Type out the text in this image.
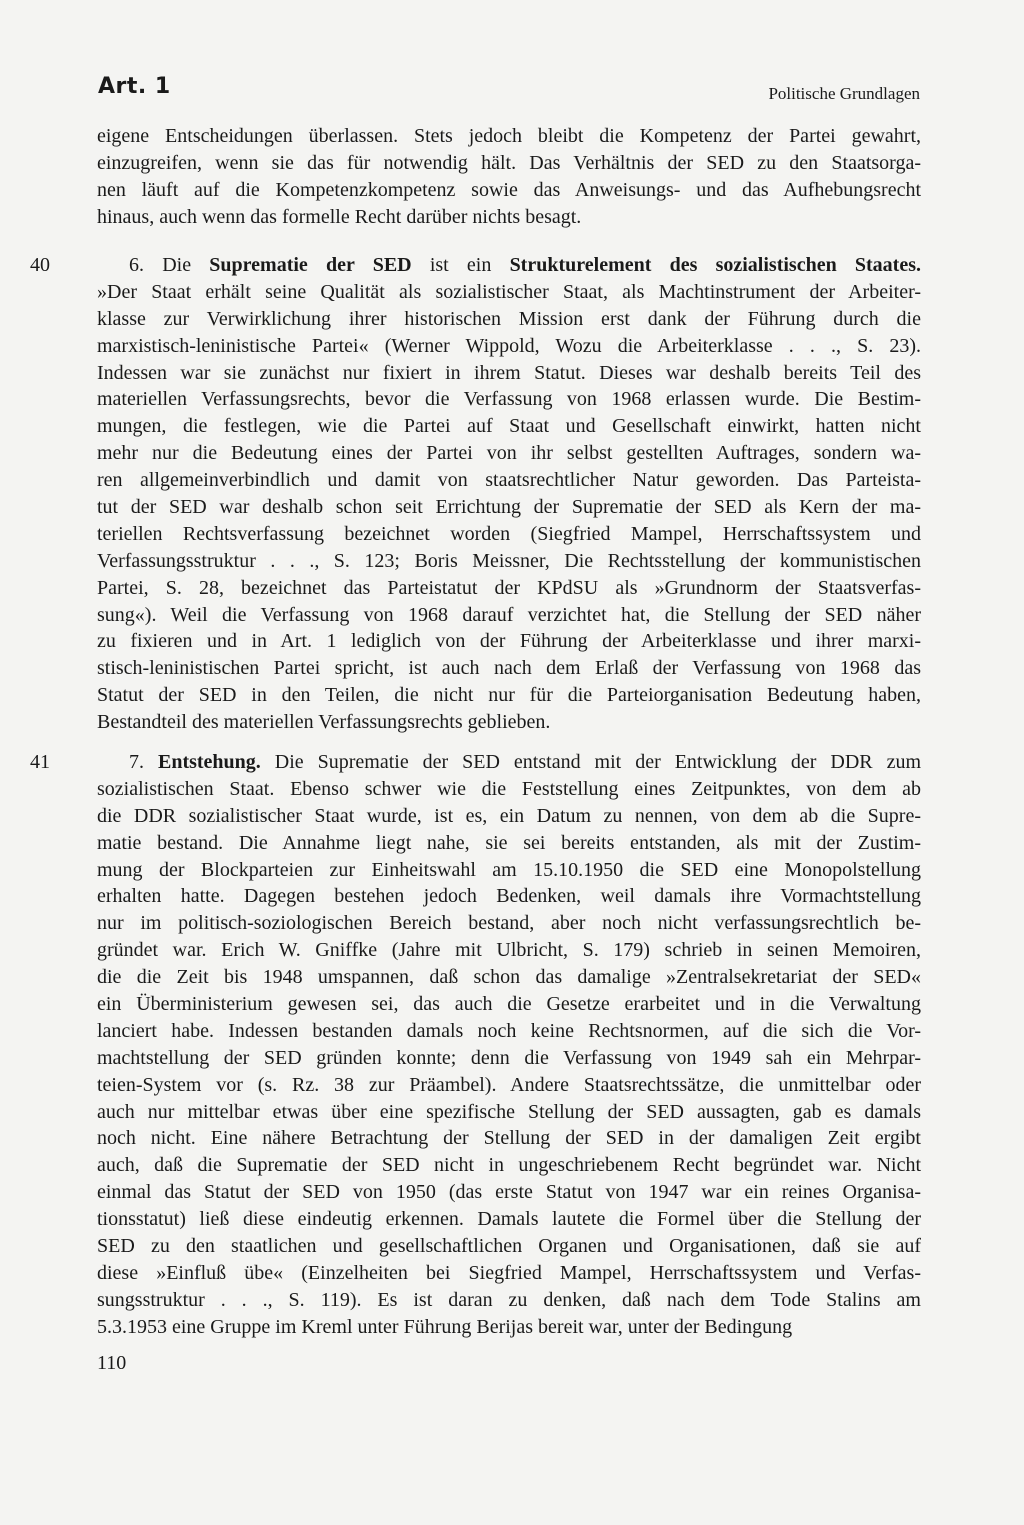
Art. 1	Politische Grundlagen
eigene Entscheidungen überlassen. Stets jedoch bleibt die Kompetenz der Partei gewahrt,
einzugreifen, wenn sie das für notwendig hält. Das Verhältnis der SED zu den Staatsorga-
nen läuft auf die Kompetenzkompetenz sowie das Anweisungs- und das Aufhebungsrecht
hinaus, auch wenn das formelle Recht darüber nichts besagt.
40	6. Die Suprematie der SED ist ein Strukturelement des sozialistischen Staates.
»Der Staat erhält seine Qualität als sozialistischer Staat, als Machtinstrument der Arbeiter-
klasse zur Verwirklichung ihrer historischen Mission erst dank der Führung durch die
marxistisch-leninistische Partei« (Werner Wippold, Wozu die Arbeiterklasse . . ., S. 23).
Indessen war sie zunächst nur fixiert in ihrem Statut. Dieses war deshalb bereits Teil des
materiellen Verfassungsrechts, bevor die Verfassung von 1968 erlassen wurde. Die Bestim-
mungen, die festlegen, wie die Partei auf Staat und Gesellschaft einwirkt, hatten nicht
mehr nur die Bedeutung eines der Partei von ihr selbst gestellten Auftrages, sondern wa-
ren allgemeinverbindlich und damit von staatsrechtlicher Natur geworden. Das Parteista-
tut der SED war deshalb schon seit Errichtung der Suprematie der SED als Kern der ma-
teriellen Rechtsverfassung bezeichnet worden (Siegfried Mampel, Herrschaftssystem und
Verfassungsstruktur . . ., S. 123; Boris Meissner, Die Rechtsstellung der kommunistischen
Partei, S. 28, bezeichnet das Parteistatut der KPdSU als »Grundnorm der Staatsverfas-
sung«). Weil die Verfassung von 1968 darauf verzichtet hat, die Stellung der SED näher
zu fixieren und in Art. 1 lediglich von der Führung der Arbeiterklasse und ihrer marxi-
stisch-leninistischen Partei spricht, ist auch nach dem Erlaß der Verfassung von 1968 das
Statut der SED in den Teilen, die nicht nur für die Parteiorganisation Bedeutung haben,
Bestandteil des materiellen Verfassungsrechts geblieben.
41	7. Entstehung. Die Suprematie der SED entstand mit der Entwicklung der DDR zum
sozialistischen Staat. Ebenso schwer wie die Feststellung eines Zeitpunktes, von dem ab
die DDR sozialistischer Staat wurde, ist es, ein Datum zu nennen, von dem ab die Supre-
matie bestand. Die Annahme liegt nahe, sie sei bereits entstanden, als mit der Zustim-
mung der Blockparteien zur Einheitswahl am 15.10.1950 die SED eine Monopolstellung
erhalten hatte. Dagegen bestehen jedoch Bedenken, weil damals ihre Vormachtstellung
nur im politisch-soziologischen Bereich bestand, aber noch nicht verfassungsrechtlich be-
gründet war. Erich W. Gniffke (Jahre mit Ulbricht, S. 179) schrieb in seinen Memoiren,
die die Zeit bis 1948 umspannen, daß schon das damalige »Zentralsekretariat der SED«
ein Überministerium gewesen sei, das auch die Gesetze erarbeitet und in die Verwaltung
lanciert habe. Indessen bestanden damals noch keine Rechtsnormen, auf die sich die Vor-
machtstellung der SED gründen konnte; denn die Verfassung von 1949 sah ein Mehrpar-
teien-System vor (s. Rz. 38 zur Präambel). Andere Staatsrechtssätze, die unmittelbar oder
auch nur mittelbar etwas über eine spezifische Stellung der SED aussagten, gab es damals
noch nicht. Eine nähere Betrachtung der Stellung der SED in der damaligen Zeit ergibt
auch, daß die Suprematie der SED nicht in ungeschriebenem Recht begründet war. Nicht
einmal das Statut der SED von 1950 (das erste Statut von 1947 war ein reines Organisa-
tionsstatut) ließ diese eindeutig erkennen. Damals lautete die Formel über die Stellung der
SED zu den staatlichen und gesellschaftlichen Organen und Organisationen, daß sie auf
diese »Einfluß übe« (Einzelheiten bei Siegfried Mampel, Herrschaftssystem und Verfas-
sungsstruktur . . ., S. 119). Es ist daran zu denken, daß nach dem Tode Stalins am
5.3.1953 eine Gruppe im Kreml unter Führung Berijas bereit war, unter der Bedingung
110
